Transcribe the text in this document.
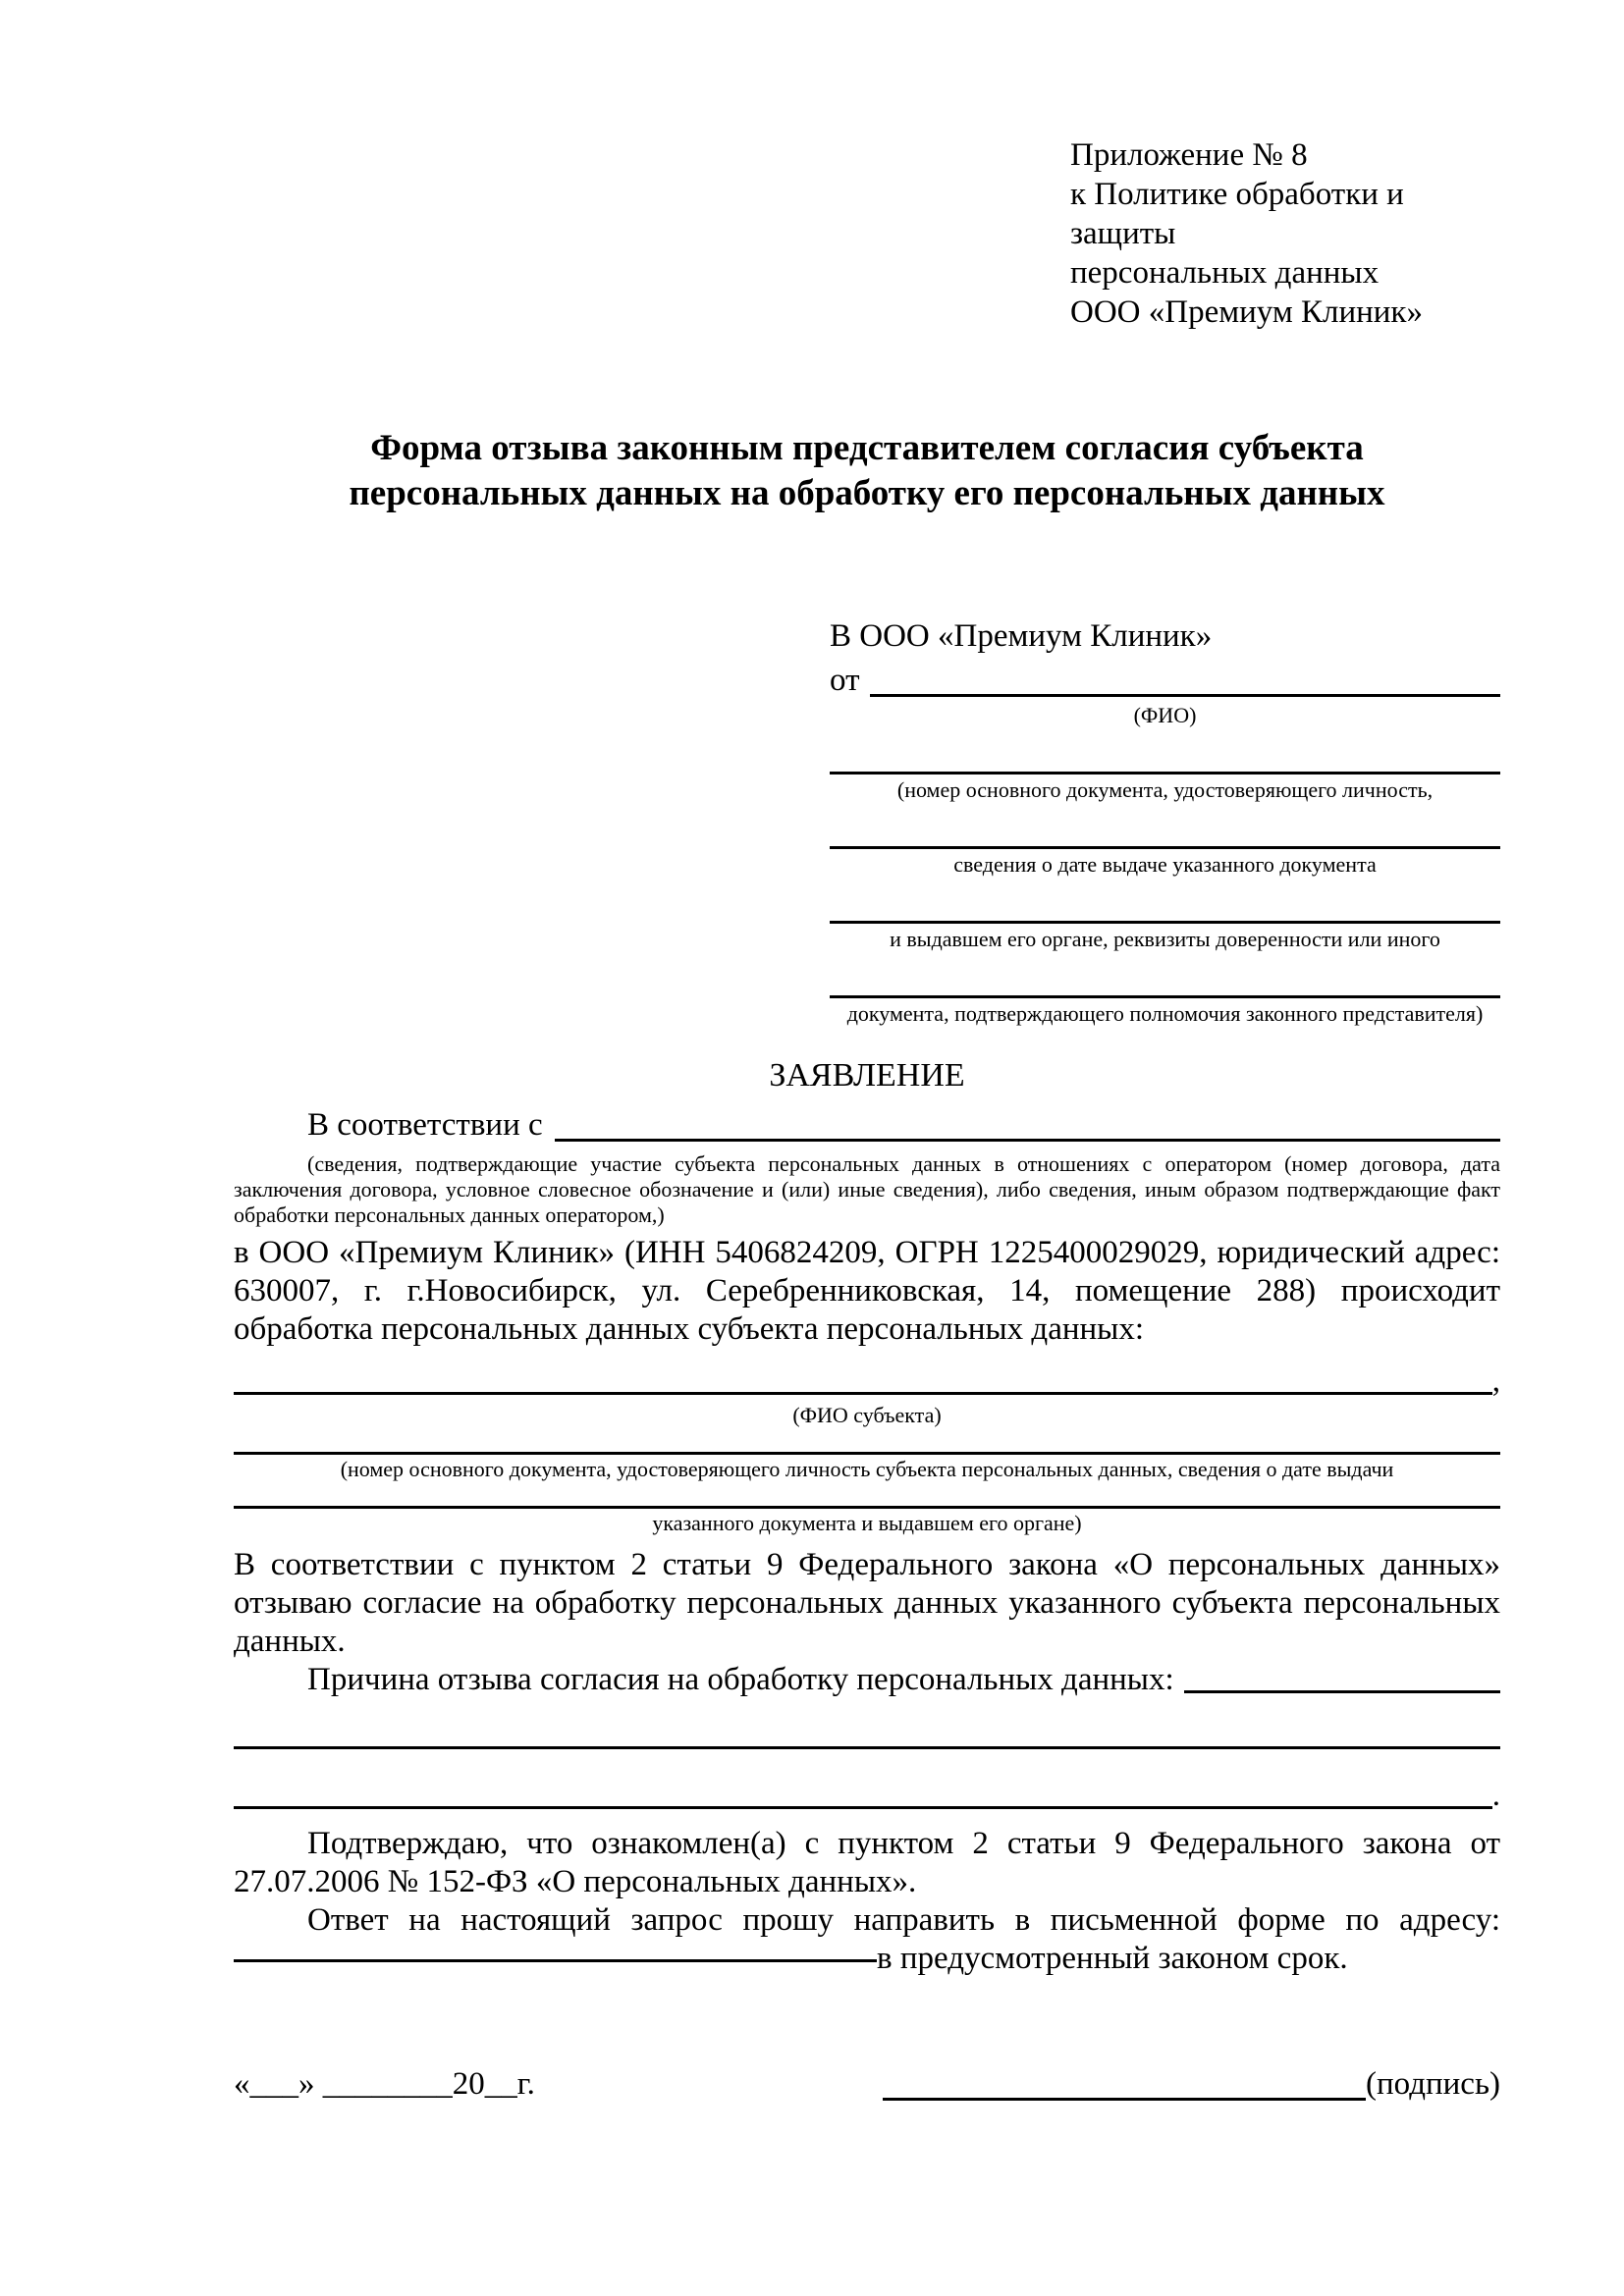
Приложение № 8
к Политике обработки и защиты
персональных данных
ООО «Премиум Клиник»
Форма отзыва законным представителем согласия субъекта
персональных данных на обработку его персональных данных
В ООО «Премиум Клиник»
от
(ФИО)
(номер основного документа, удостоверяющего личность,
сведения о дате выдаче указанного документа
и выдавшем его органе, реквизиты доверенности или иного
документа, подтверждающего полномочия законного представителя)
ЗАЯВЛЕНИЕ
В соответствии с
(сведения, подтверждающие участие субъекта персональных данных в отношениях с оператором (номер договора, дата заключения договора, условное словесное обозначение и (или) иные сведения), либо сведения, иным образом подтверждающие факт обработки персональных данных оператором,)

в ООО «Премиум Клиник» (ИНН 5406824209, ОГРН 1225400029029, юридический адрес: 630007, г. г.Новосибирск, ул. Серебренниковская, 14, помещение 288) происходит обработка персональных данных субъекта персональных данных:

,
(ФИО субъекта)
(номер основного документа, удостоверяющего личность субъекта персональных данных, сведения о дате выдачи
указанного документа и выдавшем его органе)

В соответствии с пунктом 2 статьи 9 Федерального закона «О персональных данных» отзываю согласие на обработку персональных данных указанного субъекта персональных данных.

Причина отзыва согласия на обработку персональных данных:
.

Подтверждаю, что ознакомлен(а) с пунктом 2 статьи 9 Федерального закона от 27.07.2006 № 152-ФЗ «О персональных данных».

Ответ на настоящий запрос прошу направить в письменной форме по адресу:

в предусмотренный законом срок.
«___» ________20__г.	(подпись)
